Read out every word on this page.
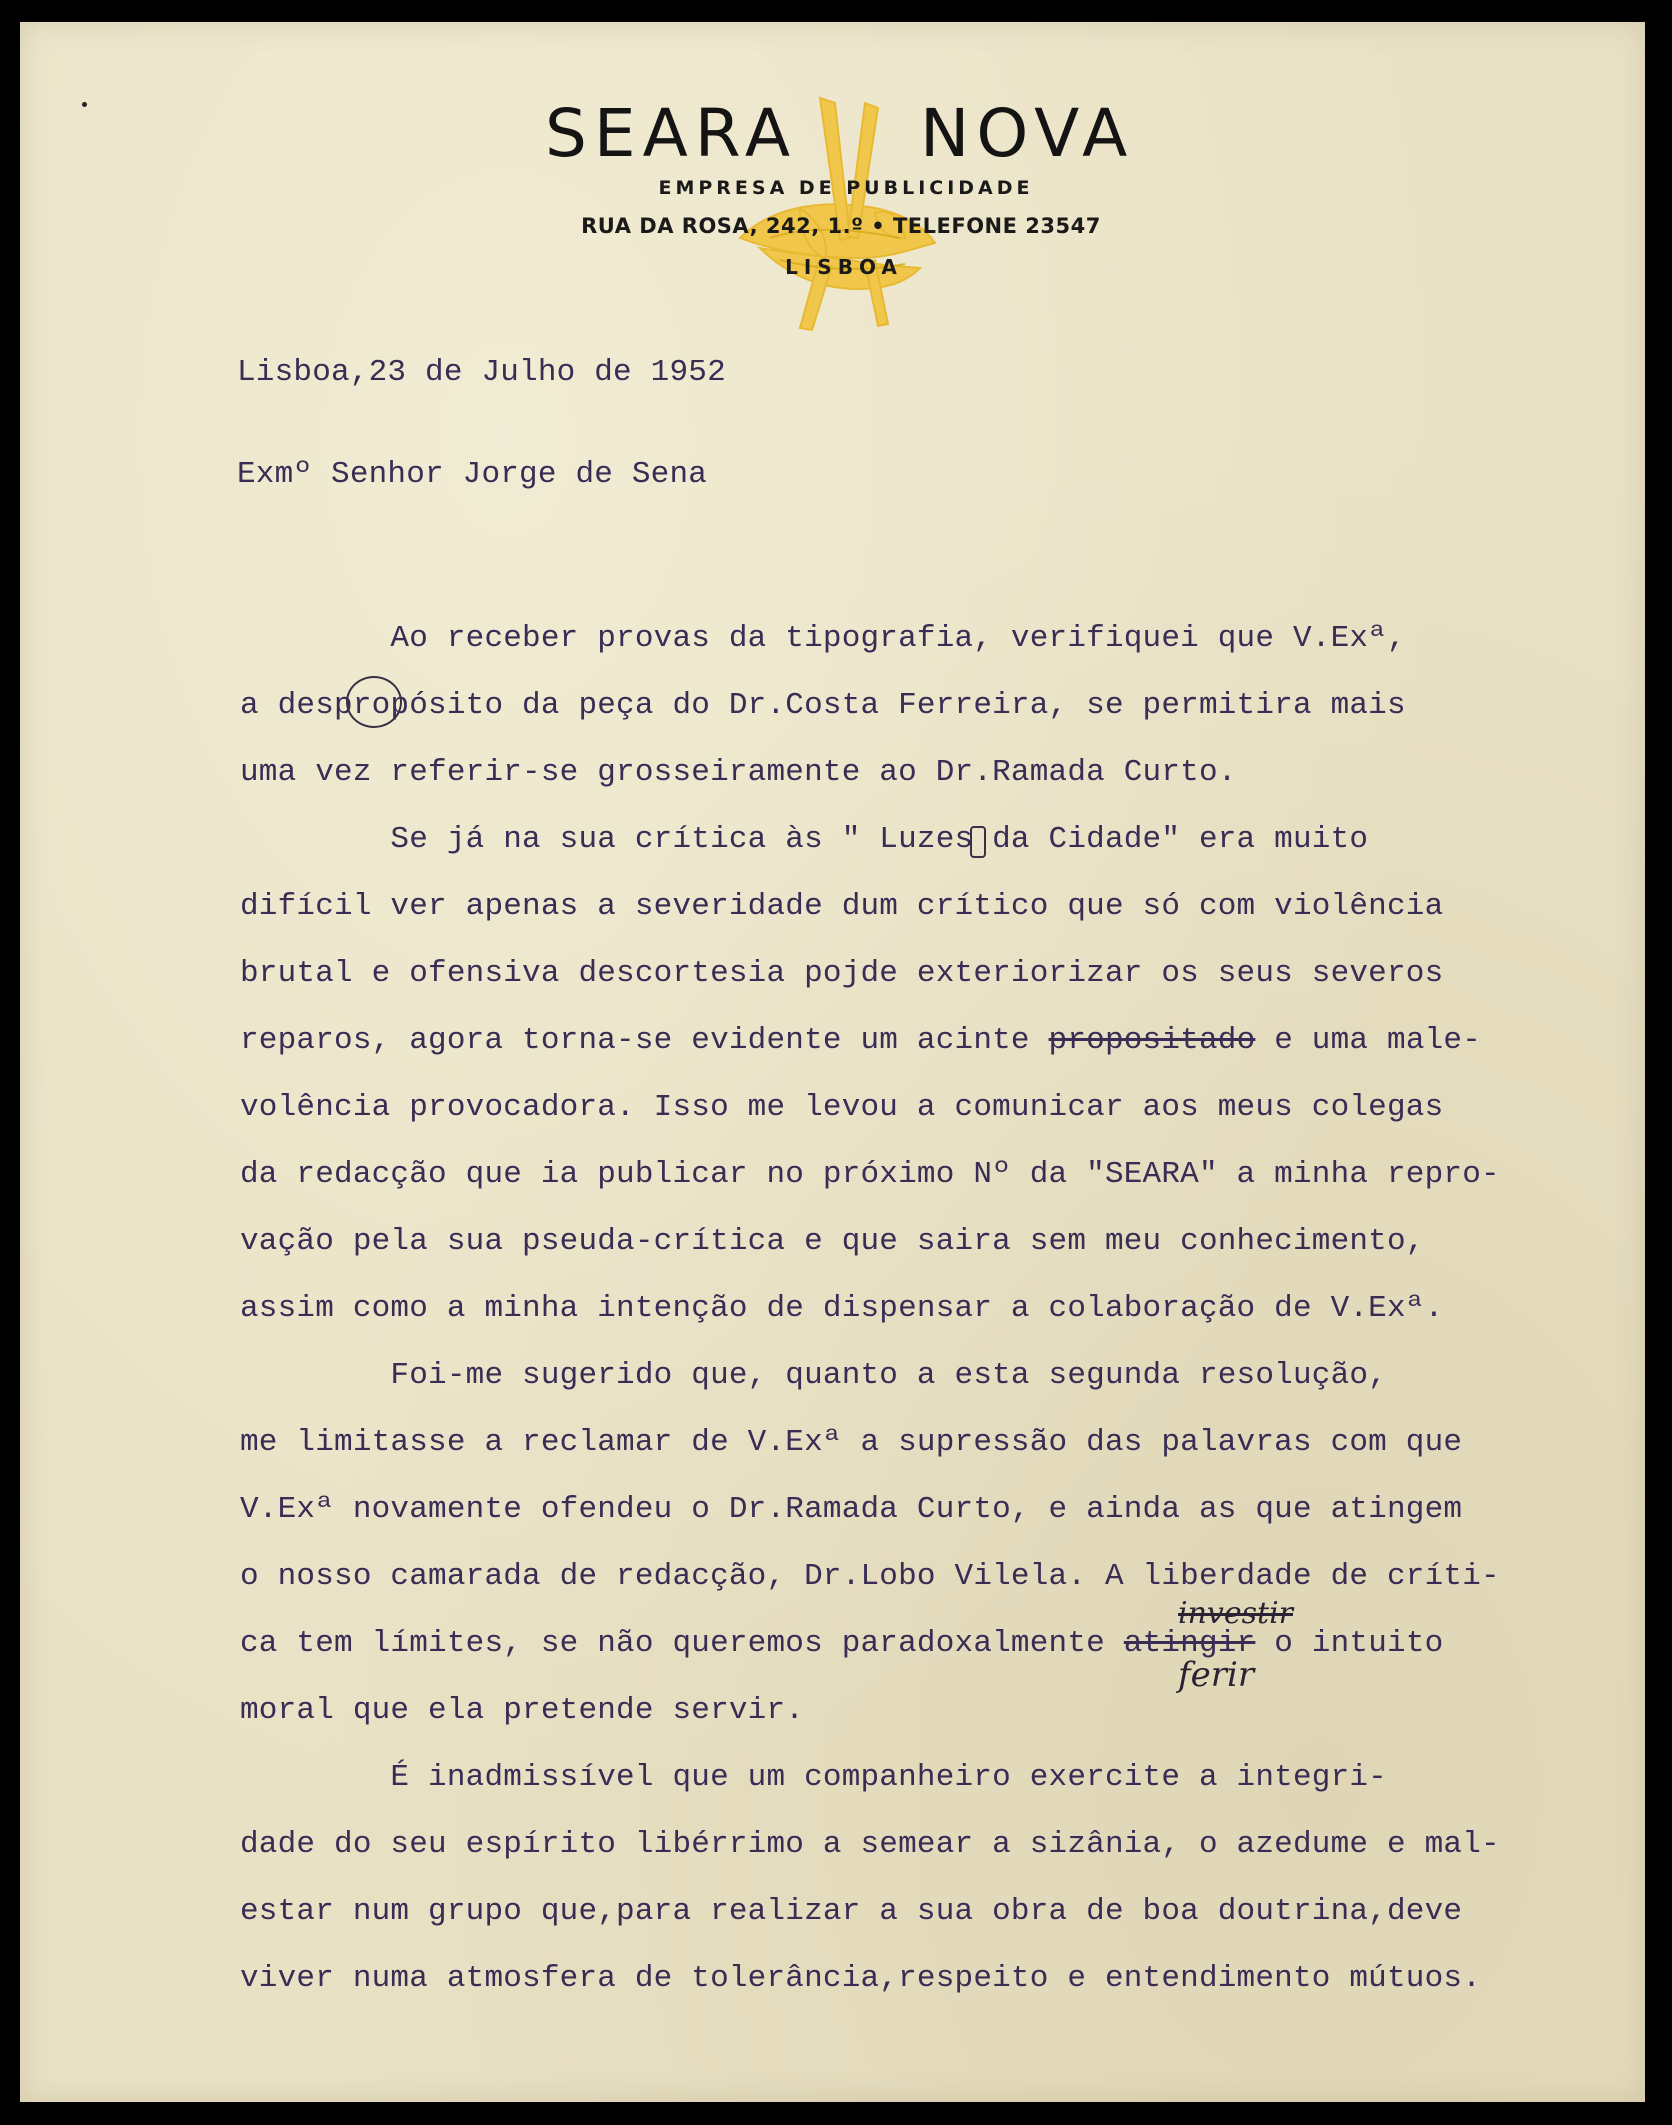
SEARA NOVA
EMPRESA DE PUBLICIDADE
RUA DA ROSA, 242, 1.º • TELEFONE 23547
LISBOA
Lisboa,23 de Julho de 1952
Exmº Senhor Jorge de Sena

Ao receber provas da tipografia, verifiquei que V.Exª,

a despropósito da peça do Dr.Costa Ferreira, se permitira mais

uma vez referir-se grosseiramente ao Dr.Ramada Curto.

Se já na sua crítica às " Luzes da Cidade" era muito

difícil ver apenas a severidade dum crítico que só com violência

brutal e ofensiva descortesia pojde exteriorizar os seus severos

reparos, agora torna-se evidente um acinte propositado e uma male-

volência provocadora. Isso me levou a comunicar aos meus colegas

da redacção que ia publicar no próximo Nº da "SEARA" a minha repro-

vação pela sua pseuda-crítica e que saira sem meu conhecimento,

assim como a minha intenção de dispensar a colaboração de V.Exª.

Foi-me sugerido que, quanto a esta segunda resolução,

me limitasse a reclamar de V.Exª a supressão das palavras com que

V.Exª novamente ofendeu o Dr.Ramada Curto, e ainda as que atingem

o nosso camarada de redacção, Dr.Lobo Vilela. A liberdade de críti-

ca tem límites, se não queremos paradoxalmente atingir o intuito

moral que ela pretende servir.

É inadmissível que um companheiro exercite a integri-

dade do seu espírito libérrimo a semear a sizânia, o azedume e mal-

estar num grupo que,para realizar a sua obra de boa doutrina,deve

viver numa atmosfera de tolerância,respeito e entendimento mútuos.

investir
ferir
